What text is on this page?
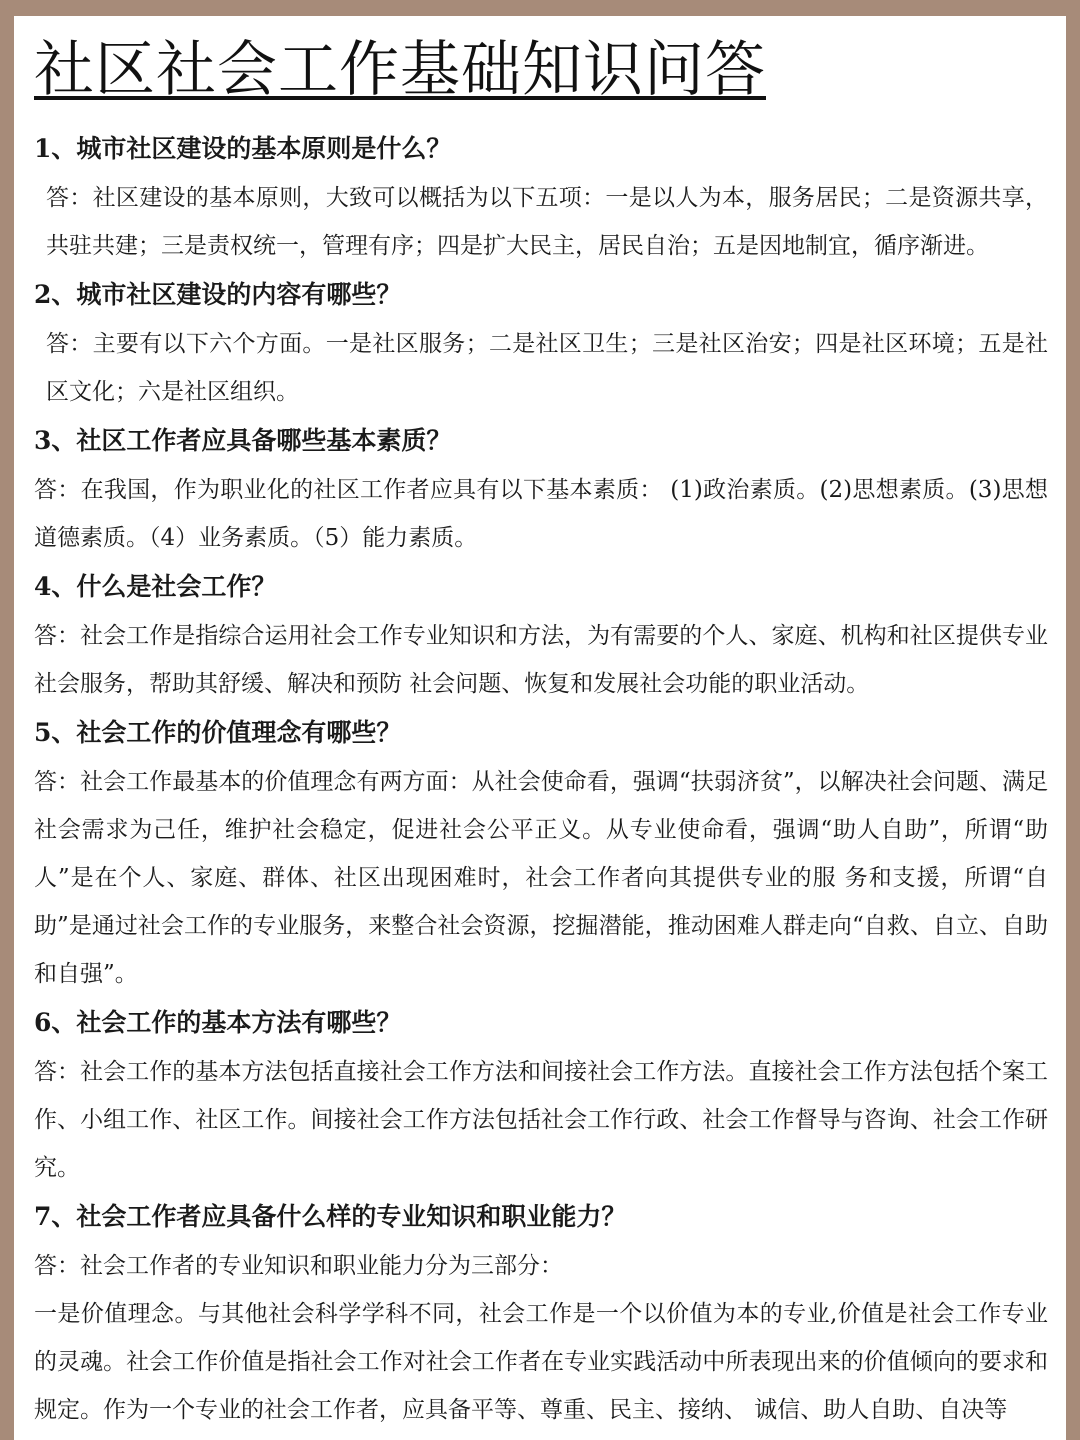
社区社会工作基础知识问答

1、城市社区建设的基本原则是什么？

答：社区建设的基本原则，大致可以概括为以下五项：一是以人为本，服务居民；二是资源共享，共驻共建；三是责权统一，管理有序；四是扩大民主，居民自治；五是因地制宜，循序渐进。

2、城市社区建设的内容有哪些？

答：主要有以下六个方面。一是社区服务；二是社区卫生；三是社区治安；四是社区环境；五是社区文化；六是社区组织。

3、社区工作者应具备哪些基本素质？

答：在我国，作为职业化的社区工作者应具有以下基本素质： (1)政治素质。(2)思想素质。(3)思想道德素质。（4）业务素质。（5）能力素质。

4、什么是社会工作？

答：社会工作是指综合运用社会工作专业知识和方法，为有需要的个人、家庭、机构和社区提供专业社会服务，帮助其舒缓、解决和预防 社会问题、恢复和发展社会功能的职业活动。

5、社会工作的价值理念有哪些？

答：社会工作最基本的价值理念有两方面：从社会使命看，强调“扶弱济贫”，以解决社会问题、满足社会需求为己任，维护社会稳定，促进社会公平正义。从专业使命看，强调“助人自助”，所谓“助人”是在个人、家庭、群体、社区出现困难时，社会工作者向其提供专业的服 务和支援，所谓“自助”是通过社会工作的专业服务，来整合社会资源，挖掘潜能，推动困难人群走向“自救、自立、自助和自强”。

6、社会工作的基本方法有哪些？

答：社会工作的基本方法包括直接社会工作方法和间接社会工作方法。直接社会工作方法包括个案工作、小组工作、社区工作。间接社会工作方法包括社会工作行政、社会工作督导与咨询、社会工作研究。

7、社会工作者应具备什么样的专业知识和职业能力？

答：社会工作者的专业知识和职业能力分为三部分：

一是价值理念。与其他社会科学学科不同，社会工作是一个以价值为本的专业,价值是社会工作专业的灵魂。社会工作价值是指社会工作对社会工作者在专业实践活动中所表现出来的价值倾向的要求和规定。作为一个专业的社会工作者，应具备平等、尊重、民主、接纳、 诚信、助人自助、自决等
